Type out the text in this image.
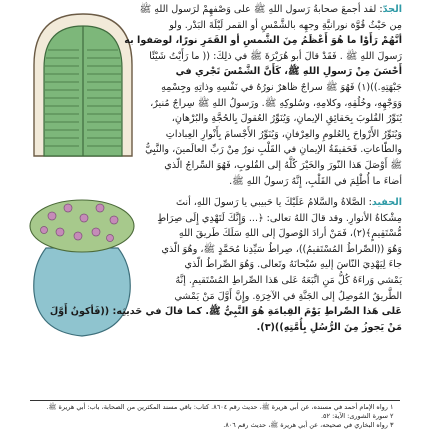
الجدّ: لقد أجمعَ صحابةُ رَسول اللهِ ﷺ على وَصْفهِمْ لرَسول اللهِ ﷺ
مِن حَيْثُ قُوَّة نورانيَّةِ وجهِه بالشَّمْسِ أو القمر لَيْلَةَ البَدْر. ولو
أنَّهُمْ رَأَوْا ما هُوَ أَعْظَمُ مِنَ الشَّمسِ أو القَمَرِ نورًا، لوصَفوا به
رَسولَ اللهِ ﷺ . فَقَدْ قالَ أبو هُرَيْرَةَ ﷺ في ذلِكَ: (( ما رَأَيْتُ شَيْئًا
أَحْسَنَ مِنْ رَسولِ اللهِ ﷺ، كَأَنَّ الشَّمْسَ تَجْري في
جَبْهَتِهِ.))(١) فَهُوَ ﷺ سراجٌ ظاهرٌ نورُهُ في نَفْسِهِ وذاتِهِ وجِسْمِهِ
وَوَجْهِهِ، وخُلُقِهِ، وكلامِهِ، وسُلوكِهِ ﷺ. ورَسولُ اللهِ ﷺ سِراجٌ مُنيرٌ،
يُنَوِّرُ القُلوبَ بِحَقائِقِ الإيمانِ، وَيُنَوِّرُ العُقولَ بِالحُجَّةِ والبُرْهانِ،
وَيُنَوِّرُ الأَرْواحَ بِالعُلومِ والعِرْفانِ، وَيُنَوِّرُ الأَجْسامَ بِأَنْوارِ العِباداتِ
والطّاعاتِ. فَحَقيقَةُ الإيمانِ في القَلْبِ نورٌ مِنْ رَبِّ العالَمينَ، والنَّبِيُّ
ﷺ أَوْصَلَ هَذا النّورَ والخَيْرَ كُلَّهُ إلى القُلوبِ، فَهُوَ السِّراجُ الّذي
أضاءَ ما أُطْلِمَ في القَلْبِ، إِنَّهُ رَسولُ اللهِ ﷺ.
الحفيد: الصَّلاةُ والسَّلامُ عَلَيْكَ يا حَبيبي يا رَسولَ اللهِ، أنتَ
مِشْكاةُ الأنوارِ. وقد قالَ اللهُ تعالى: ﴿... وَإِنَّكَ لَتَهْدِي إِلَى صِرَاطٍ
مُّسْتَقِيمٍ﴾(٢)، فَمَنْ أرادَ الوُصولَ إلى اللهِ سَلَكَ طَريقَ اللهِ
وَهُوَ ((الصِّراطُ المُسْتَقيمُ))، صِراطُ سَيِّدِنا مُحَمَّدٍ ﷺ، وهُوَ الّذي
جاءَ لِيَهْدِيَ النّاسَ إليهِ سُبْحانَهُ وتَعالى. وَهُوَ الصِّراطُ الّذي
يَمْشي وَراءَهُ كُلُّ مَنِ اتَّبَعَهُ عَلى هَذا الصِّراطِ المُسْتَقيمِ. إنَّهُ
الطَّريقُ المُوصِلُ إلى الجَنَّةِ في الآخِرَةِ. وإِنَّ أَوَّلَ مَنْ يَمْشي
عَلى هَذا الصِّراطِ يَوْمَ القِيامَةِ هُوَ النَّبِيُّ ﷺ. كما قالَ في حَديثِه: ((فَأكونُ أَوَّلَ
مَنْ يَجوزُ مِنَ الرُّسُلِ بِأُمَّتِهِ))(٣).
١ رواه الإمام أحمد في مسنده، عن أبي هريرة ﷺ، حديث رقم ٨٦٠٤. كتاب: باقي مسند المكثرين من الصحابة، باب: أبي هريرة ﷺ.
٢ سورة الشورى: الآية: ٥٢.
٣ رواه البخاري في صحيحه، عن أبي هريرة ﷺ، حديث رقم ٨٠٦.
